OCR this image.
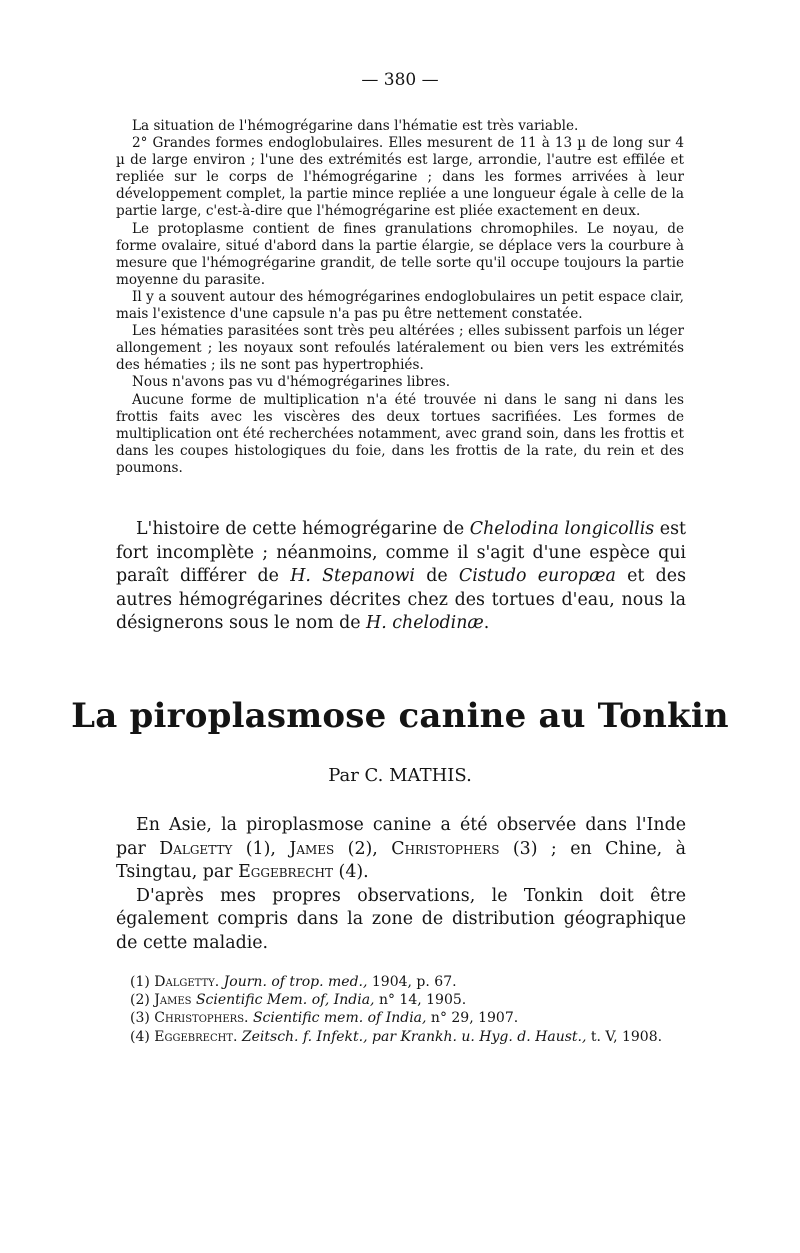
— 380 —

La situation de l'hémogrégarine dans l'hématie est très variable.

2° Grandes formes endoglobulaires. Elles mesurent de 11 à 13 µ de long sur 4 µ de large environ ; l'une des extrémités est large, arrondie, l'autre est effilée et repliée sur le corps de l'hémogrégarine ; dans les formes arrivées à leur développement complet, la partie mince repliée a une longueur égale à celle de la partie large, c'est-à-dire que l'hémogrégarine est pliée exactement en deux.

Le protoplasme contient de fines granulations chromophiles. Le noyau, de forme ovalaire, situé d'abord dans la partie élargie, se déplace vers la courbure à mesure que l'hémogrégarine grandit, de telle sorte qu'il occupe toujours la partie moyenne du parasite.

Il y a souvent autour des hémogrégarines endoglobulaires un petit espace clair, mais l'existence d'une capsule n'a pas pu être nettement constatée.

Les hématies parasitées sont très peu altérées ; elles subissent parfois un léger allongement ; les noyaux sont refoulés latéralement ou bien vers les extrémités des hématies ; ils ne sont pas hypertrophiés.

Nous n'avons pas vu d'hémogrégarines libres.

Aucune forme de multiplication n'a été trouvée ni dans le sang ni dans les frottis faits avec les viscères des deux tortues sacrifiées. Les formes de multiplication ont été recherchées notamment, avec grand soin, dans les frottis et dans les coupes histologiques du foie, dans les frottis de la rate, du rein et des poumons.

L'histoire de cette hémogrégarine de Chelodina longicollis est fort incomplète ; néanmoins, comme il s'agit d'une espèce qui paraît différer de H. Stepanowi de Cistudo europæa et des autres hémogrégarines décrites chez des tortues d'eau, nous la désignerons sous le nom de H. chelodinæ.

La piroplasmose canine au Tonkin

Par C. MATHIS.

En Asie, la piroplasmose canine a été observée dans l'Inde par Dalgetty (1), James (2), Christophers (3) ; en Chine, à Tsingtau, par Eggebrecht (4).

D'après mes propres observations, le Tonkin doit être également compris dans la zone de distribution géographique de cette maladie.

(1) Dalgetty. Journ. of trop. med., 1904, p. 67.

(2) James Scientific Mem. of, India, n° 14, 1905.

(3) Christophers. Scientific mem. of India, n° 29, 1907.

(4) Eggebrecht. Zeitsch. f. Infekt., par Krankh. u. Hyg. d. Haust., t. V, 1908.
